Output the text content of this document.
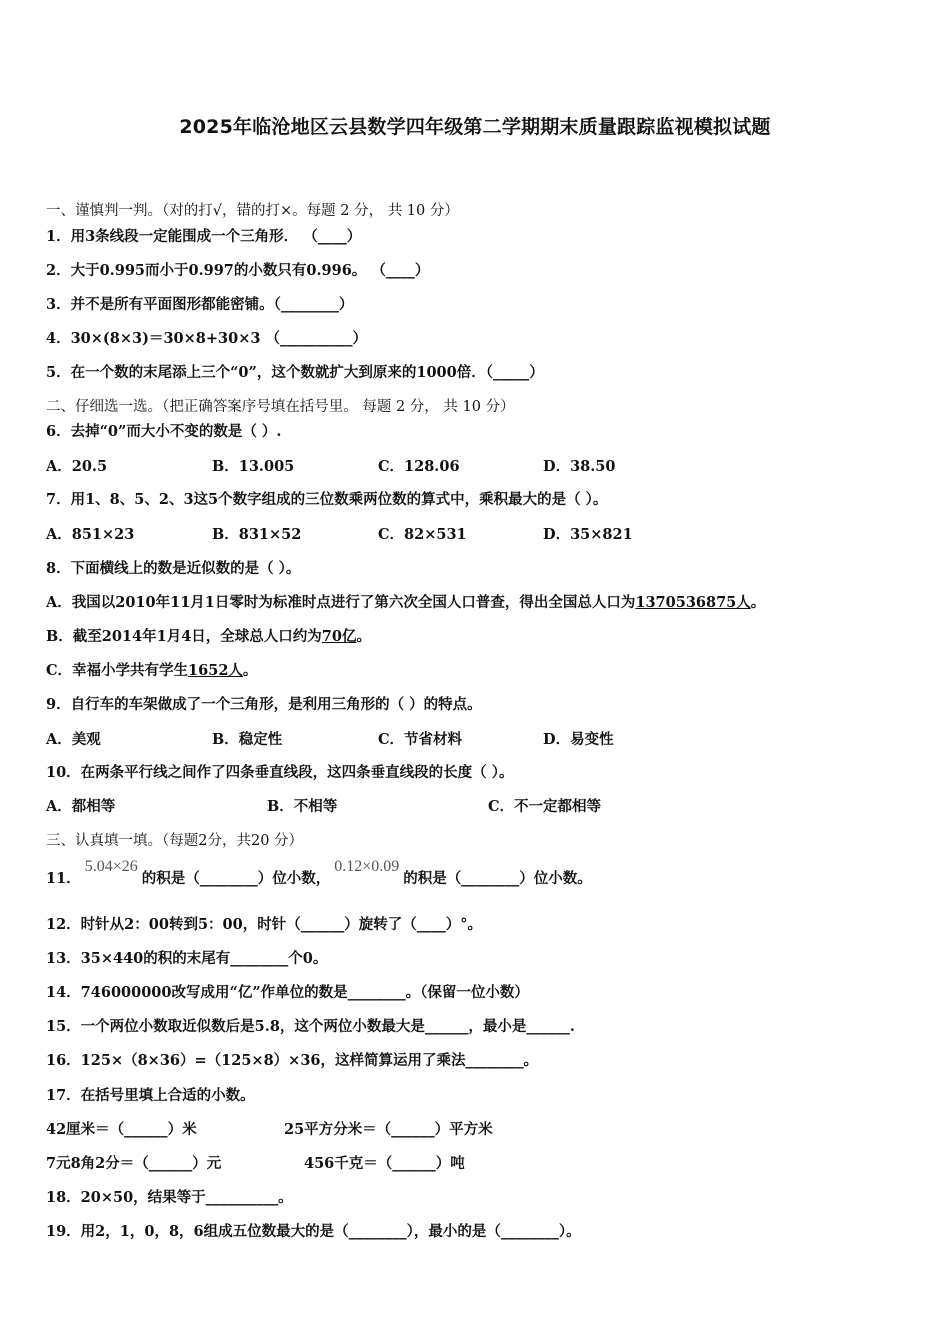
2025年临沧地区云县数学四年级第二学期期末质量跟踪监视模拟试题
一、谨慎判一判。（对的打√，错的打×。每题 2 分， 共 10 分）
1．用3条线段一定能围成一个三角形． （____）
2．大于0.995而小于0.997的小数只有0.996。 （____）
3．并不是所有平面图形都能密铺。（________）
4．30×(8×3)＝30×8+30×3 （__________）
5．在一个数的末尾添上三个“0”，这个数就扩大到原来的1000倍．（_____）
二、仔细选一选。（把正确答案序号填在括号里。 每题 2 分， 共 10 分）
6．去掉“0”而大小不变的数是（ ）.
A．20.5	B．13.005	C．128.06	D．38.50
7．用1、8、5、2、3这5个数字组成的三位数乘两位数的算式中，乘积最大的是（ ）。
A．851×23	B．831×52	C．82×531	D．35×821
8．下面横线上的数是近似数的是（ ）。
A．我国以2010年11月1日零时为标准时点进行了第六次全国人口普查，得出全国总人口为1370536875人。
B．截至2014年1月4日，全球总人口约为70亿。
C．幸福小学共有学生1652人。
9．自行车的车架做成了一个三角形，是利用三角形的（ ）的特点。
A．美观	B．稳定性	C．节省材料	D．易变性
10．在两条平行线之间作了四条垂直线段，这四条垂直线段的长度（ ）。
A．都相等	B．不相等	C．不一定都相等
三、认真填一填。（每题2分，共20 分）
11．5.04×26的积是（________）位小数，0.12×0.09的积是（________）位小数。
12．时针从2：00转到5：00，时针（______）旋转了（____）°。
13．35×440的积的末尾有________个0。
14．746000000改写成用“亿”作单位的数是________。（保留一位小数）
15．一个两位小数取近似数后是5.8，这个两位小数最大是______，最小是______.
16．125×（8×36）=（125×8）×36，这样简算运用了乘法________。
17．在括号里填上合适的小数。
42厘米＝（______）米	25平方分米＝（______）平方米
7元8角2分＝（______）元	456千克＝（______）吨
18．20×50，结果等于__________。
19．用2，1，0，8，6组成五位数最大的是（________），最小的是（________）。
